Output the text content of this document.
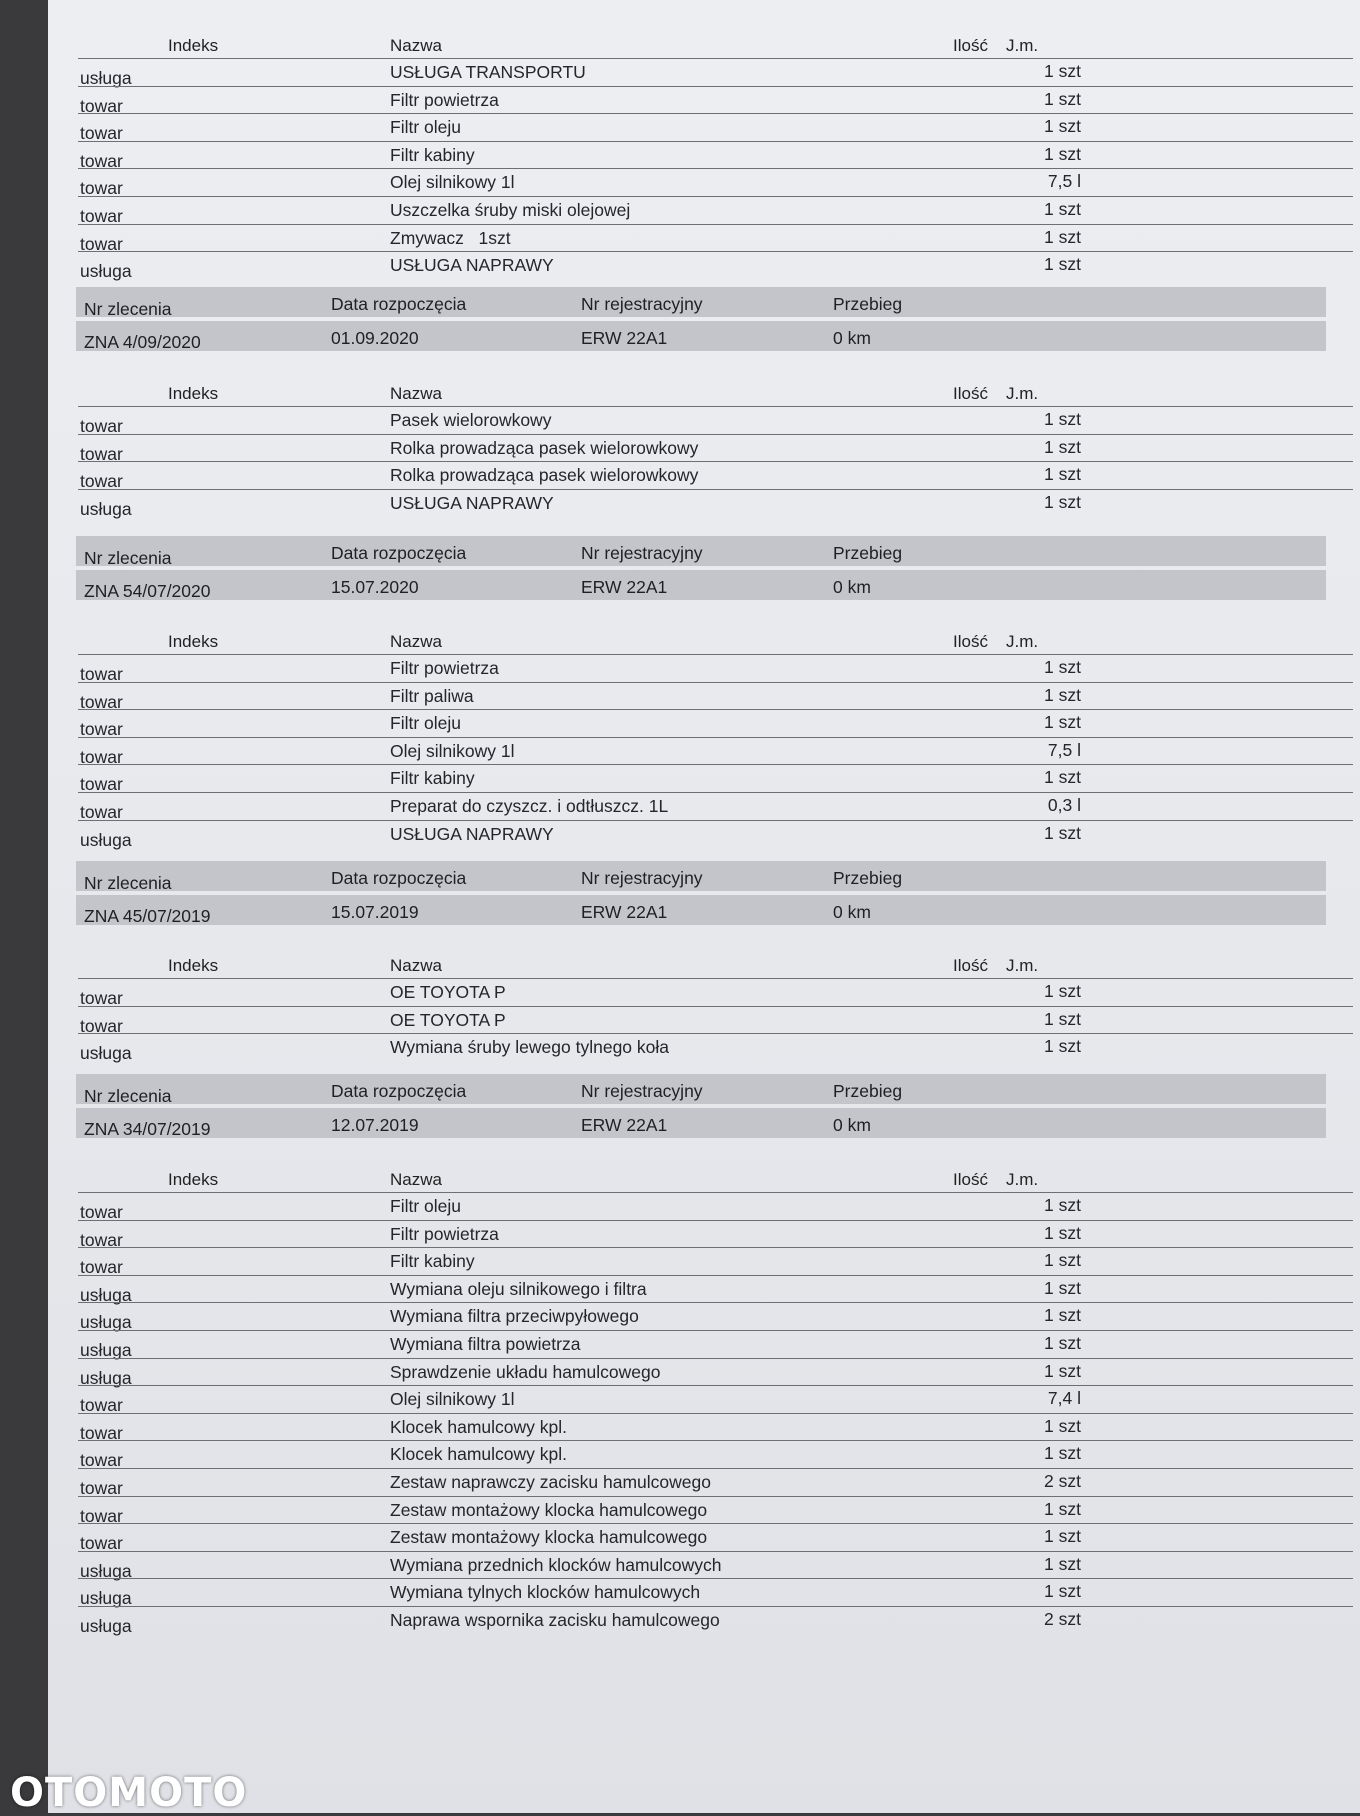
Indeks	Nazwa	Ilość J.m.
usługa	USŁUGA TRANSPORTU	1 szt
towar	Filtr powietrza	1 szt
towar	Filtr oleju	1 szt
towar	Filtr kabiny	1 szt
towar	Olej silnikowy 1l	7,5 l
towar	Uszczelka śruby miski olejowej	1 szt
towar	Zmywacz   1szt	1 szt
usługa	USŁUGA NAPRAWY	1 szt
Nr zlecenia	Data rozpoczęcia	Nr rejestracyjny	Przebieg
ZNA 4/09/2020	01.09.2020	ERW 22A1	0 km
Indeks	Nazwa	Ilość J.m.
towar	Pasek wielorowkowy	1 szt
towar	Rolka prowadząca pasek wielorowkowy	1 szt
towar	Rolka prowadząca pasek wielorowkowy	1 szt
usługa	USŁUGA NAPRAWY	1 szt
Nr zlecenia	Data rozpoczęcia	Nr rejestracyjny	Przebieg
ZNA 54/07/2020	15.07.2020	ERW 22A1	0 km
Indeks	Nazwa	Ilość J.m.
towar	Filtr powietrza	1 szt
towar	Filtr paliwa	1 szt
towar	Filtr oleju	1 szt
towar	Olej silnikowy 1l	7,5 l
towar	Filtr kabiny	1 szt
towar	Preparat do czyszcz. i odtłuszcz. 1L	0,3 l
usługa	USŁUGA NAPRAWY	1 szt
Nr zlecenia	Data rozpoczęcia	Nr rejestracyjny	Przebieg
ZNA 45/07/2019	15.07.2019	ERW 22A1	0 km
Indeks	Nazwa	Ilość J.m.
towar	OE TOYOTA P	1 szt
towar	OE TOYOTA P	1 szt
usługa	Wymiana śruby lewego tylnego koła	1 szt
Nr zlecenia	Data rozpoczęcia	Nr rejestracyjny	Przebieg
ZNA 34/07/2019	12.07.2019	ERW 22A1	0 km
Indeks	Nazwa	Ilość J.m.
towar	Filtr oleju	1 szt
towar	Filtr powietrza	1 szt
towar	Filtr kabiny	1 szt
usługa	Wymiana oleju silnikowego i filtra	1 szt
usługa	Wymiana filtra przeciwpyłowego	1 szt
usługa	Wymiana filtra powietrza	1 szt
usługa	Sprawdzenie układu hamulcowego	1 szt
towar	Olej silnikowy 1l	7,4 l
towar	Klocek hamulcowy kpl.	1 szt
towar	Klocek hamulcowy kpl.	1 szt
towar	Zestaw naprawczy zacisku hamulcowego	2 szt
towar	Zestaw montażowy klocka hamulcowego	1 szt
towar	Zestaw montażowy klocka hamulcowego	1 szt
usługa	Wymiana przednich klocków hamulcowych	1 szt
usługa	Wymiana tylnych klocków hamulcowych	1 szt
usługa	Naprawa wspornika zacisku hamulcowego	2 szt
OTOMOTO
